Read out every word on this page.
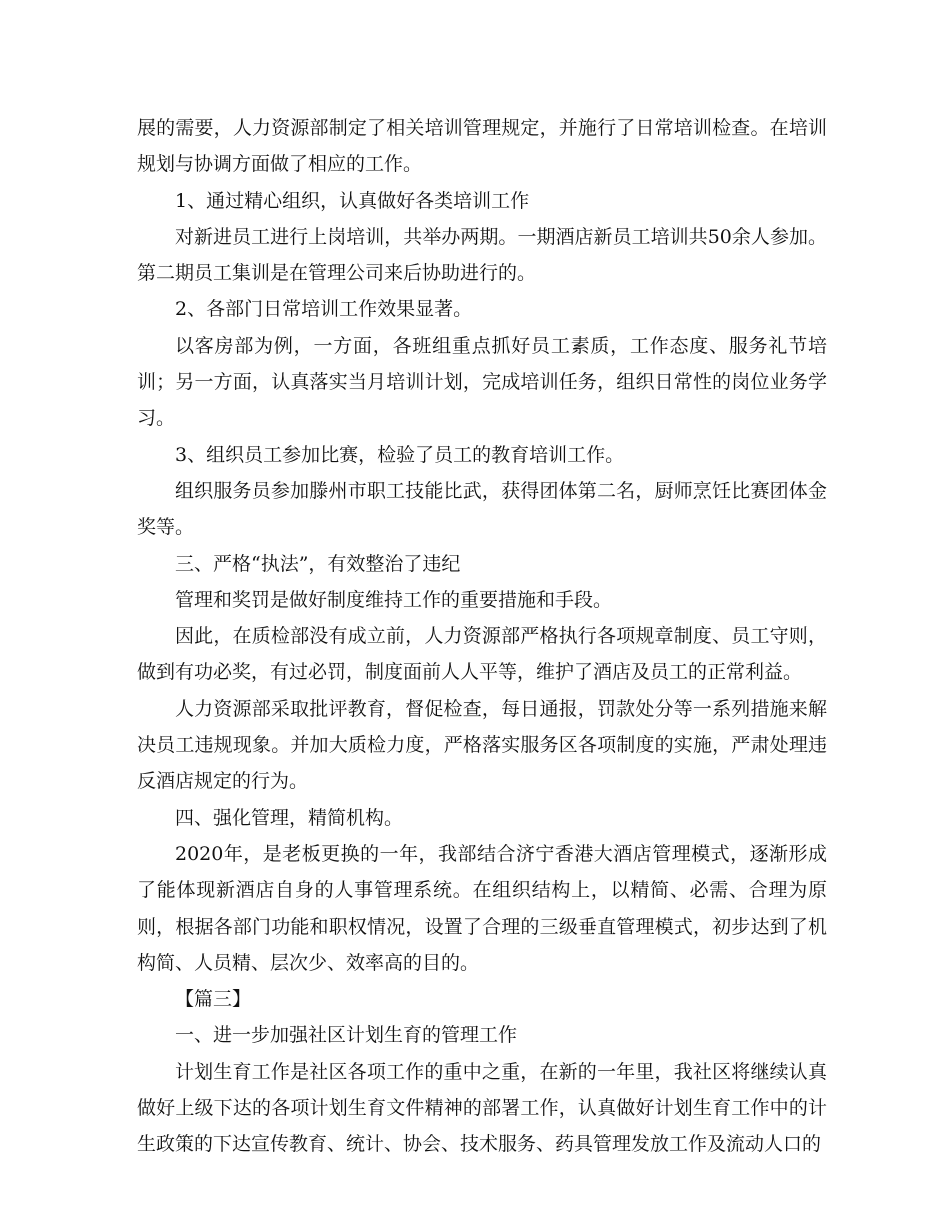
展的需要，人力资源部制定了相关培训管理规定，并施行了日常培训检查。在培训规划与协调方面做了相应的工作。

1、通过精心组织，认真做好各类培训工作

对新进员工进行上岗培训，共举办两期。一期酒店新员工培训共50余人参加。第二期员工集训是在管理公司来后协助进行的。

2、各部门日常培训工作效果显著。

以客房部为例，一方面，各班组重点抓好员工素质，工作态度、服务礼节培训；另一方面，认真落实当月培训计划，完成培训任务，组织日常性的岗位业务学习。

3、组织员工参加比赛，检验了员工的教育培训工作。

组织服务员参加滕州市职工技能比武，获得团体第二名，厨师烹饪比赛团体金奖等。

三、严格“执法”，有效整治了违纪

管理和奖罚是做好制度维持工作的重要措施和手段。

因此，在质检部没有成立前，人力资源部严格执行各项规章制度、员工守则，做到有功必奖，有过必罚，制度面前人人平等，维护了酒店及员工的正常利益。

人力资源部采取批评教育，督促检查，每日通报，罚款处分等一系列措施来解决员工违规现象。并加大质检力度，严格落实服务区各项制度的实施，严肃处理违反酒店规定的行为。

四、强化管理，精简机构。

2020年，是老板更换的一年，我部结合济宁香港大酒店管理模式，逐渐形成了能体现新酒店自身的人事管理系统。在组织结构上，以精简、必需、合理为原则，根据各部门功能和职权情况，设置了合理的三级垂直管理模式，初步达到了机构简、人员精、层次少、效率高的目的。

【篇三】

一、进一步加强社区计划生育的管理工作

计划生育工作是社区各项工作的重中之重，在新的一年里，我社区将继续认真做好上级下达的各项计划生育文件精神的部署工作，认真做好计划生育工作中的计生政策的下达宣传教育、统计、协会、技术服务、药具管理发放工作及流动人口的
